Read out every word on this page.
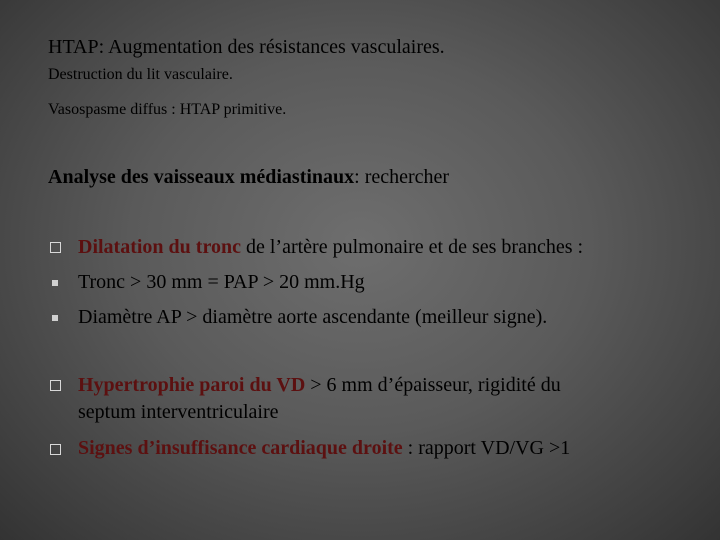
HTAP: Augmentation des résistances vasculaires.
Destruction du lit vasculaire.
Vasospasme diffus : HTAP primitive.
Analyse des vaisseaux médiastinaux: rechercher
Dilatation du tronc de l’artère pulmonaire et de ses branches :
Tronc > 30 mm = PAP > 20 mm.Hg
Diamètre AP > diamètre aorte ascendante (meilleur signe).
Hypertrophie paroi du VD > 6 mm d’épaisseur, rigidité du
septum interventriculaire
Signes d’insuffisance cardiaque droite : rapport VD/VG >1
